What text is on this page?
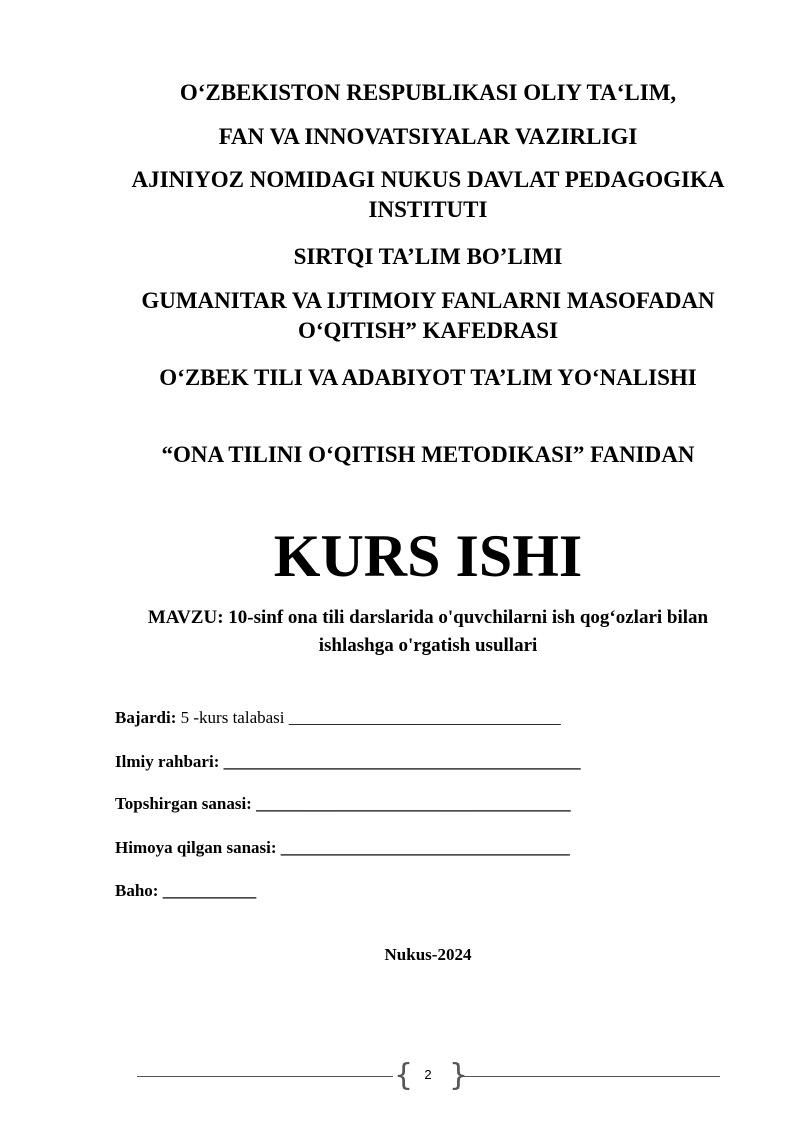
O‘ZBEKISTON RESPUBLIKASI OLIY TA‘LIM,

FAN VA INNOVATSIYALAR VAZIRLIGI

AJINIYOZ NOMIDAGI NUKUS DAVLAT PEDAGOGIKA INSTITUTI

SIRTQI TA’LIM BO’LIMI

GUMANITAR VA IJTIMOIY FANLARNI MASOFADAN O‘QITISH” KAFEDRASI

O‘ZBEK TILI VA ADABIYOT TA’LIM YO‘NALISHI

“ONA TILINI O‘QITISH METODIKASI” FANIDAN

KURS ISHI

MAVZU: 10-sinf ona tili darslarida o'quvchilarni ish qog‘ozlari bilan ishlashga o'rgatish usullari

Bajardi: 5 -kurs talabasi ________________________________
Ilmiy rahbari: __________________________________________
Topshirgan sanasi: _____________________________________
Himoya qilgan sanasi: __________________________________
Baho: ___________
Nukus-2024
{ 2 }
